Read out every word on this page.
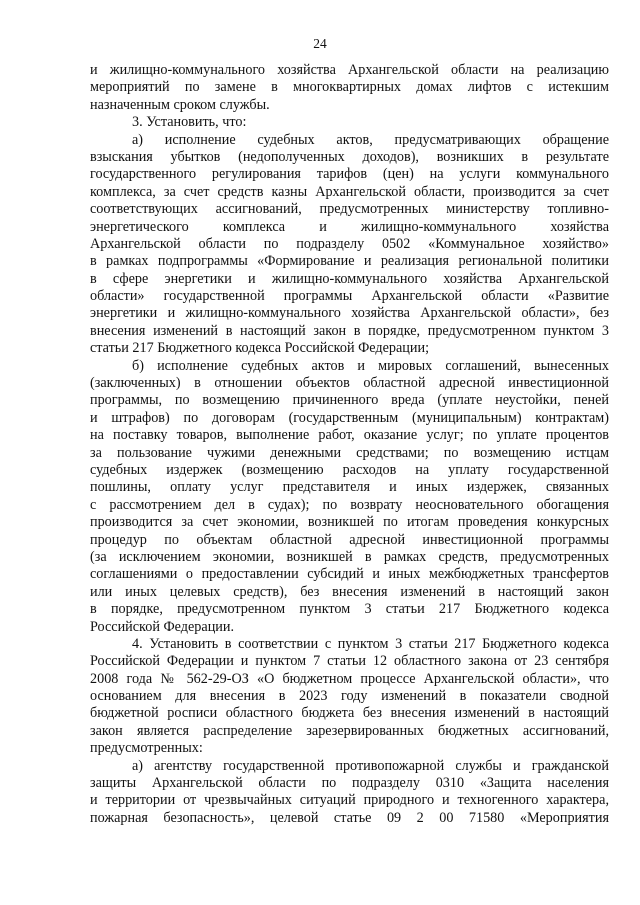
24
и жилищно-коммунального хозяйства Архангельской области на реализацию
мероприятий по замене в многоквартирных домах лифтов с истекшим
назначенным сроком службы.
3. Установить, что:
а) исполнение судебных актов, предусматривающих обращение
взыскания убытков (недополученных доходов), возникших в результате
государственного регулирования тарифов (цен) на услуги коммунального
комплекса, за счет средств казны Архангельской области, производится за счет
соответствующих ассигнований, предусмотренных министерству топливно-
энергетического комплекса и жилищно-коммунального хозяйства
Архангельской области по подразделу 0502 «Коммунальное хозяйство»
в рамках подпрограммы «Формирование и реализация региональной политики
в сфере энергетики и жилищно-коммунального хозяйства Архангельской
области» государственной программы Архангельской области «Развитие
энергетики и жилищно-коммунального хозяйства Архангельской области», без
внесения изменений в настоящий закон в порядке, предусмотренном пунктом 3
статьи 217 Бюджетного кодекса Российской Федерации;
б) исполнение судебных актов и мировых соглашений, вынесенных
(заключенных) в отношении объектов областной адресной инвестиционной
программы, по возмещению причиненного вреда (уплате неустойки, пеней
и штрафов) по договорам (государственным (муниципальным) контрактам)
на поставку товаров, выполнение работ, оказание услуг; по уплате процентов
за пользование чужими денежными средствами; по возмещению истцам
судебных издержек (возмещению расходов на уплату государственной
пошлины, оплату услуг представителя и иных издержек, связанных
с рассмотрением дел в судах); по возврату неосновательного обогащения
производится за счет экономии, возникшей по итогам проведения конкурсных
процедур по объектам областной адресной инвестиционной программы
(за исключением экономии, возникшей в рамках средств, предусмотренных
соглашениями о предоставлении субсидий и иных межбюджетных трансфертов
или иных целевых средств), без внесения изменений в настоящий закон
в порядке, предусмотренном пунктом 3 статьи 217 Бюджетного кодекса
Российской Федерации.
4. Установить в соответствии с пунктом 3 статьи 217 Бюджетного кодекса
Российской Федерации и пунктом 7 статьи 12 областного закона от 23 сентября
2008 года № 562-29-ОЗ «О бюджетном процессе Архангельской области», что
основанием для внесения в 2023 году изменений в показатели сводной
бюджетной росписи областного бюджета без внесения изменений в настоящий
закон является распределение зарезервированных бюджетных ассигнований,
предусмотренных:
а) агентству государственной противопожарной службы и гражданской
защиты Архангельской области по подразделу 0310 «Защита населения
и территории от чрезвычайных ситуаций природного и техногенного характера,
пожарная безопасность», целевой статье 09 2 00 71580 «Мероприятия
